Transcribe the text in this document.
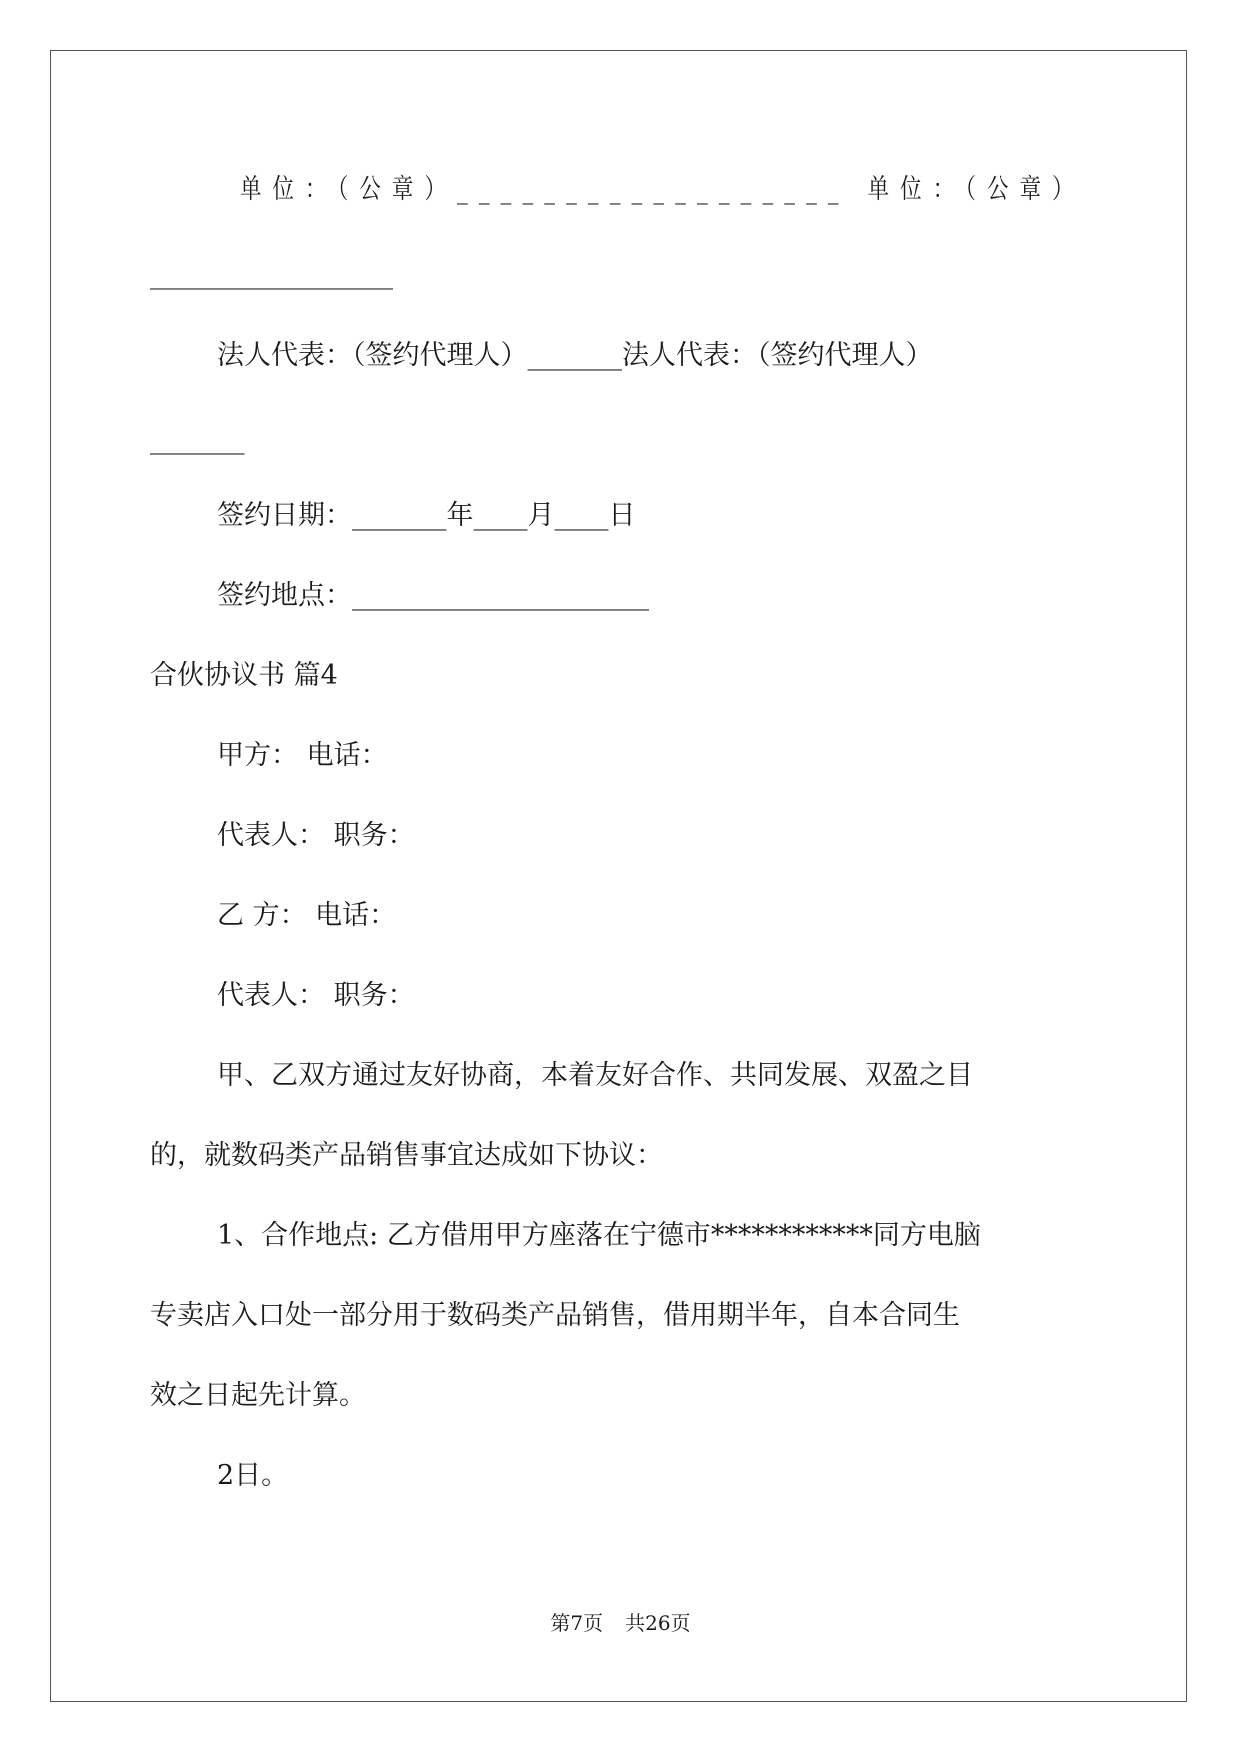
单位：（公章）__________________ 单位：（公章）
__________________
法人代表：（签约代理人）_______法人代表：（签约代理人）
_______
签约日期：_______年____月____日
签约地点：______________________
合伙协议书 篇4
甲方： 电话：
代表人： 职务：
乙 方： 电话：
代表人： 职务：
甲、乙双方通过友好协商，本着友好合作、共同发展、双盈之目
的，就数码类产品销售事宜达成如下协议：
1、合作地点: 乙方借用甲方座落在宁德市************同方电脑
专卖店入口处一部分用于数码类产品销售，借用期半年，自本合同生
效之日起先计算。
2日。
第7页 共26页
